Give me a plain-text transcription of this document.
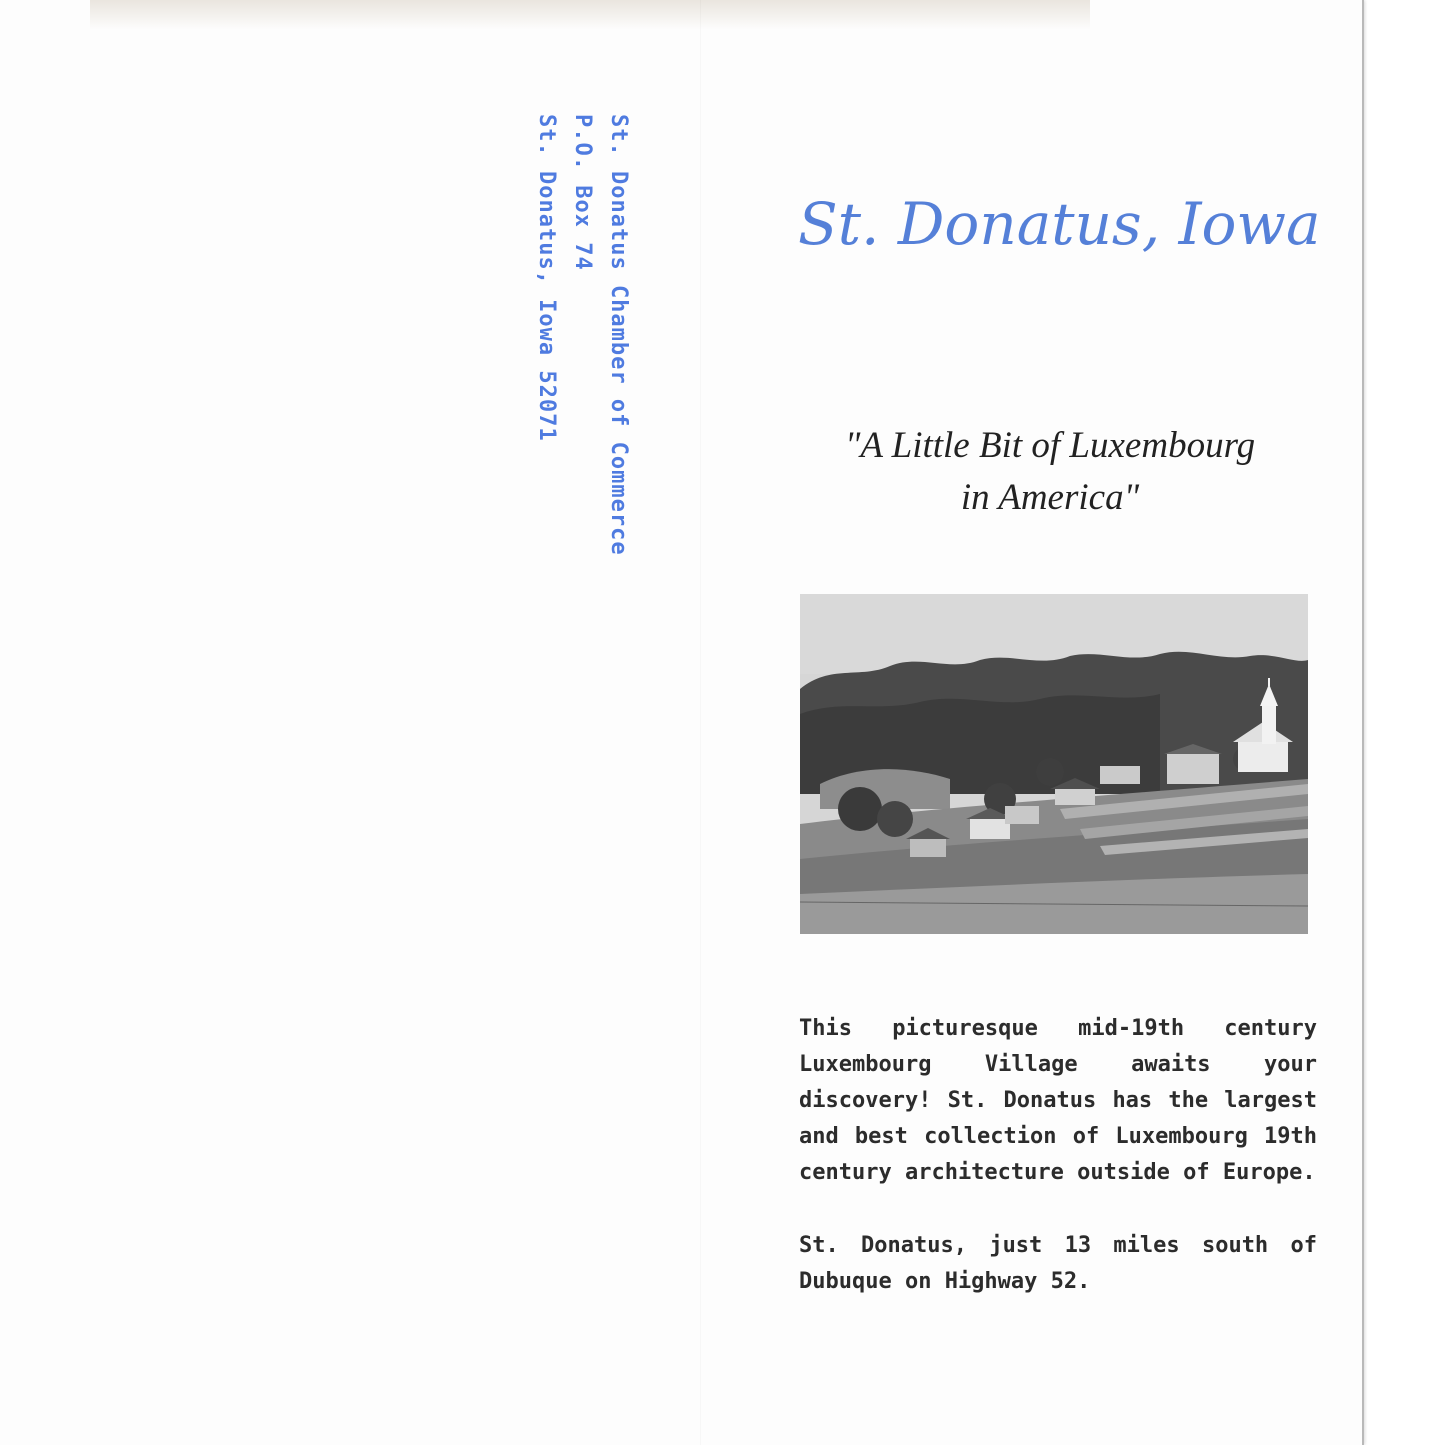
St. Donatus Chamber of Commerce
P.O. Box 74
St. Donatus, Iowa 52071	St. Donatus, Iowa
"A Little Bit of Luxembourg
in America"
This picturesque mid-19th century Luxembourg Village awaits your discovery! St. Donatus has the largest and best collection of Luxembourg 19th century architecture outside of Europe.
St. Donatus, just 13 miles south of Dubuque on Highway 52.
